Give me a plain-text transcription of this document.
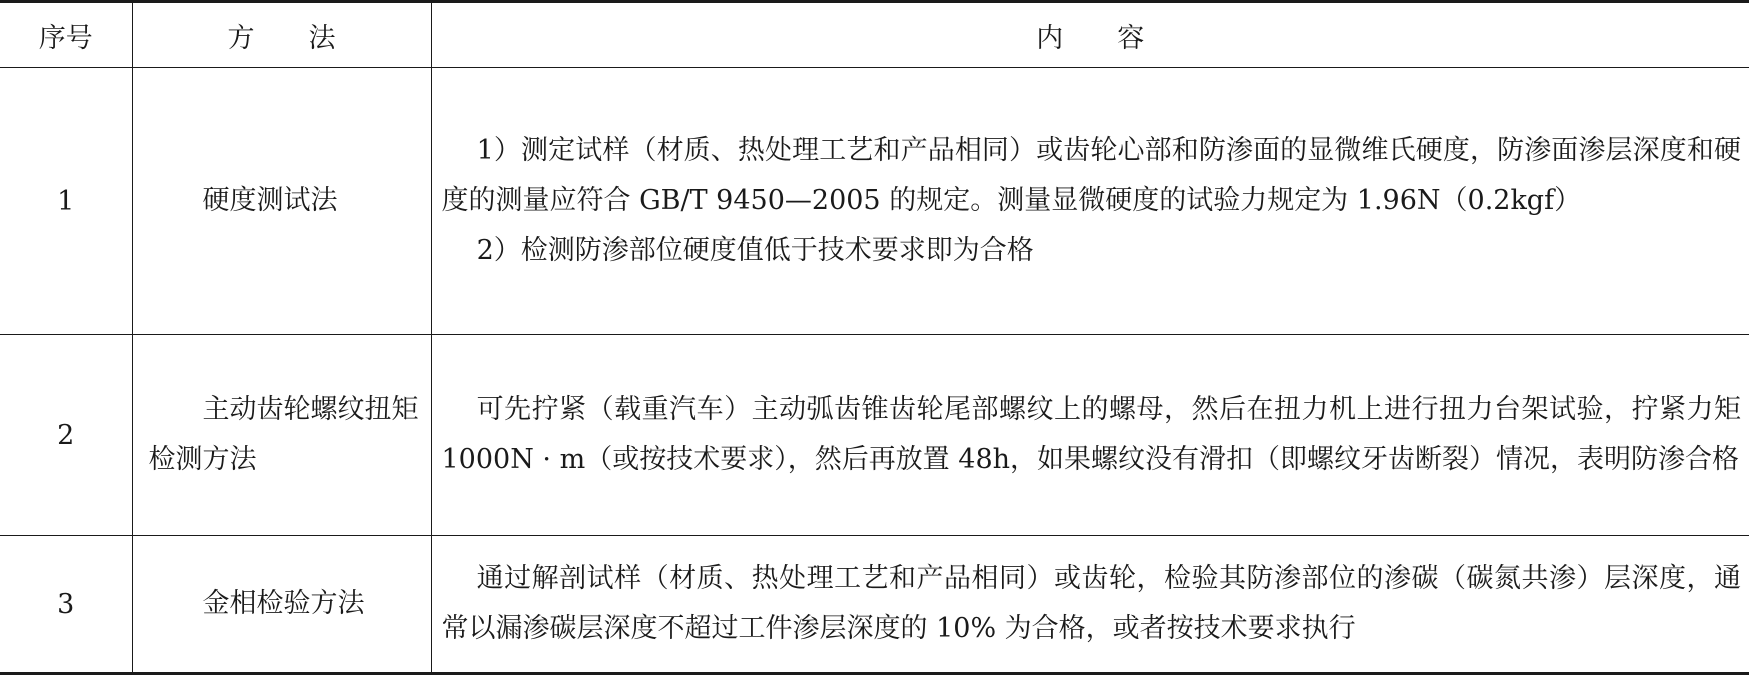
序号	方　　法	内　　容
1	硬度测试法	1）测定试样（材质、热处理工艺和产品相同）或齿轮心部和防渗面的显微维氏硬度，防渗面渗层深度和硬度的测量应符合 GB/T 9450—2005 的规定。测量显微硬度的试验力规定为 1.96N（0.2kgf）
2）检测防渗部位硬度值低于技术要求即为合格

2	主动齿轮螺纹扭矩检测方法	可先拧紧（载重汽车）主动弧齿锥齿轮尾部螺纹上的螺母，然后在扭力机上进行扭力台架试验，拧紧力矩 1000N · m（或按技术要求），然后再放置 48h，如果螺纹没有滑扣（即螺纹牙齿断裂）情况，表明防渗合格

3	金相检验方法	通过解剖试样（材质、热处理工艺和产品相同）或齿轮，检验其防渗部位的渗碳（碳氮共渗）层深度，通常以漏渗碳层深度不超过工件渗层深度的 10% 为合格，或者按技术要求执行
